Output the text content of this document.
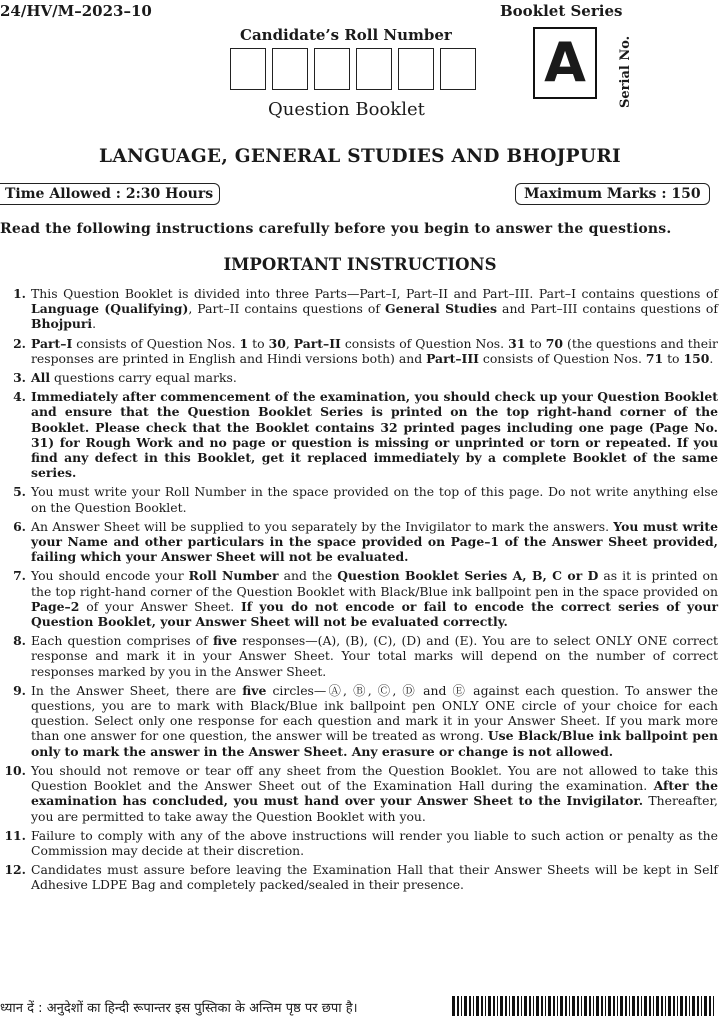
24/HV/M–2023–10	Booklet Series
Candidate’s Roll Number A	Serial No.
Question Booklet
LANGUAGE, GENERAL STUDIES AND BHOJPURI
Time Allowed : 2:30 Hours	Maximum Marks : 150
Read the following instructions carefully before you begin to answer the questions.
IMPORTANT INSTRUCTIONS
1. This Question Booklet is divided into three Parts—Part–I, Part–II and Part–III. Part–I contains questions of Language (Qualifying), Part–II contains questions of General Studies and Part–III contains questions of Bhojpuri.
2. Part–I consists of Question Nos. 1 to 30, Part–II consists of Question Nos. 31 to 70 (the questions and their responses are printed in English and Hindi versions both) and Part–III consists of Question Nos. 71 to 150.
3. All questions carry equal marks.
4. Immediately after commencement of the examination, you should check up your Question Booklet and ensure that the Question Booklet Series is printed on the top right-hand corner of the Booklet. Please check that the Booklet contains 32 printed pages including one page (Page No. 31) for Rough Work and no page or question is missing or unprinted or torn or repeated. If you find any defect in this Booklet, get it replaced immediately by a complete Booklet of the same series.
5. You must write your Roll Number in the space provided on the top of this page. Do not write anything else on the Question Booklet.
6. An Answer Sheet will be supplied to you separately by the Invigilator to mark the answers. You must write your Name and other particulars in the space provided on Page–1 of the Answer Sheet provided, failing which your Answer Sheet will not be evaluated.
7. You should encode your Roll Number and the Question Booklet Series A, B, C or D as it is printed on the top right-hand corner of the Question Booklet with Black/Blue ink ballpoint pen in the space provided on Page–2 of your Answer Sheet. If you do not encode or fail to encode the correct series of your Question Booklet, your Answer Sheet will not be evaluated correctly.
8. Each question comprises of five responses—(A), (B), (C), (D) and (E). You are to select ONLY ONE correct response and mark it in your Answer Sheet. Your total marks will depend on the number of correct responses marked by you in the Answer Sheet.
9. In the Answer Sheet, there are five circles—Ⓐ, Ⓑ, Ⓒ, Ⓓ and Ⓔ against each question. To answer the questions, you are to mark with Black/Blue ink ballpoint pen ONLY ONE circle of your choice for each question. Select only one response for each question and mark it in your Answer Sheet. If you mark more than one answer for one question, the answer will be treated as wrong. Use Black/Blue ink ballpoint pen only to mark the answer in the Answer Sheet. Any erasure or change is not allowed.
10. You should not remove or tear off any sheet from the Question Booklet. You are not allowed to take this Question Booklet and the Answer Sheet out of the Examination Hall during the examination. After the examination has concluded, you must hand over your Answer Sheet to the Invigilator. Thereafter, you are permitted to take away the Question Booklet with you.
11. Failure to comply with any of the above instructions will render you liable to such action or penalty as the Commission may decide at their discretion.
12. Candidates must assure before leaving the Examination Hall that their Answer Sheets will be kept in Self Adhesive LDPE Bag and completely packed/sealed in their presence.
ध्यान दें : अनुदेशों का हिन्दी रूपान्तर इस पुस्तिका के अन्तिम पृष्ठ पर छपा है।
